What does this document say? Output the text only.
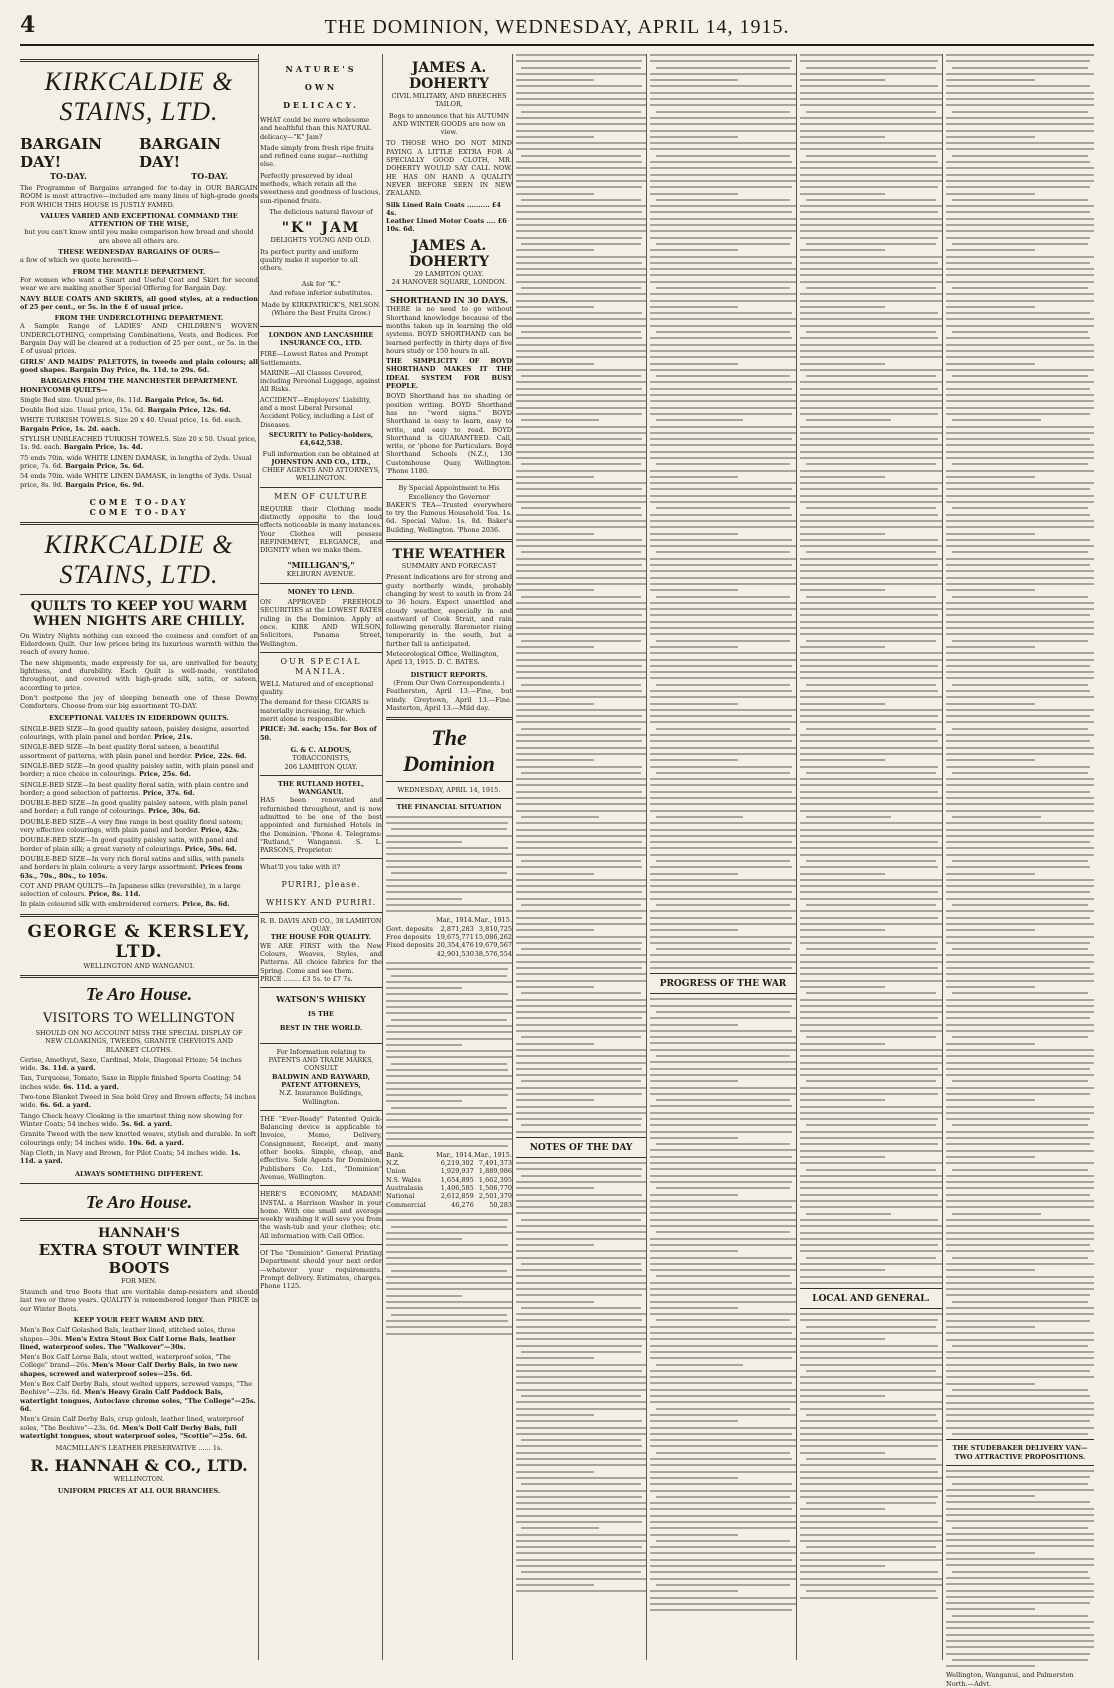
4	THE DOMINION, WEDNESDAY, APRIL 14, 1915.
KIRKCALDIE & STAINS, LTD.
BARGAIN DAY!
BARGAIN DAY!
TO-DAY.	TO-DAY.

The Programme of Bargains arranged for to-day in OUR BARGAIN ROOM is most attractive—included are many lines of high-grade goods FOR WHICH THIS HOUSE IS JUSTLY FAMED.

VALUES VARIED AND EXCEPTIONAL COMMAND THE ATTENTION OF THE WISE,

but you can't know until you make comparison how broad and should are above all others are.

THESE WEDNESDAY BARGAINS OF OURS—

a few of which we quote herewith—

FROM THE MANTLE DEPARTMENT.

For women who want a Smart and Useful Coat and Skirt for second wear we are making another Special Offering for Bargain Day.

NAVY BLUE COATS AND SKIRTS, all good styles, at a reduction of 25 per cent., or 5s. in the £ of usual price.

FROM THE UNDERCLOTHING DEPARTMENT.

A Sample Range of LADIES' AND CHILDREN'S WOVEN UNDERCLOTHING, comprising Combinations, Vests, and Bodices. For Bargain Day will be cleared at a reduction of 25 per cent., or 5s. in the £ of usual prices.

GIRLS' AND MAIDS' PALETOTS, in tweeds and plain colours; all good shapes. Bargain Day Price, 8s. 11d. to 29s. 6d.

BARGAINS FROM THE MANCHESTER DEPARTMENT.

HONEYCOMB QUILTS—

Single Bed size. Usual price, 6s. 11d. Bargain Price, 5s. 6d.
Double Bed size. Usual price, 15s. 6d. Bargain Price, 12s. 6d.
WHITE TURKISH TOWELS. Size 20 x 40. Usual price, 1s. 6d. each. Bargain Price, 1s. 2d. each.
STYLISH UNBLEACHED TURKISH TOWELS. Size 20 x 50. Usual price, 1s. 9d. each. Bargain Price, 1s. 4d.
75 ends 70in. wide WHITE LINEN DAMASK, in lengths of 2yds. Usual price, 7s. 6d. Bargain Price, 5s. 6d.
54 ends 70in. wide WHITE LINEN DAMASK, in lengths of 3yds. Usual price, 8s. 9d. Bargain Price, 6s. 9d.

COME TO-DAY

COME TO-DAY

KIRKCALDIE & STAINS, LTD.

QUILTS TO KEEP YOU WARM

WHEN NIGHTS ARE CHILLY.

On Wintry Nights nothing can exceed the cosiness and comfort of an Eiderdown Quilt. Our low prices bring its luxurious warmth within the reach of every home.

The new shipments, made expressly for us, are unrivalled for beauty, lightness, and durability. Each Quilt is well-made, ventilated throughout, and covered with high-grade silk, satin, or sateen, according to price.

Don't postpone the joy of sleeping beneath one of these Downy Comforters. Choose from our big assortment TO-DAY.

EXCEPTIONAL VALUES IN EIDERDOWN QUILTS.

SINGLE-BED SIZE—In good quality sateen, paisley designs, assorted colourings, with plain panel and border. Price, 21s.
SINGLE-BED SIZE—In best quality floral sateen, a beautiful assortment of patterns, with plain panel and border. Price, 22s. 6d.
SINGLE-BED SIZE—In good quality paisley satin, with plain panel and border; a nice choice in colourings. Price, 25s. 6d.
SINGLE-BED SIZE—In best quality floral satin, with plain centre and border; a good selection of patterns. Price, 37s. 6d.
DOUBLE-BED SIZE—In good quality paisley sateen, with plain panel and border; a full range of colourings. Price, 30s. 6d.
DOUBLE-BED SIZE—A very fine range in best quality floral sateen; very effective colourings, with plain panel and border. Price, 42s.
DOUBLE-BED SIZE—In good quality paisley satin, with panel and border of plain silk; a great variety of colourings. Price, 50s. 6d.
DOUBLE-BED SIZE—In very rich floral satins and silks, with panels and borders in plain colours; a very large assortment. Prices from 63s., 70s., 80s., to 105s.
COT AND PRAM QUILTS—In Japanese silks (reversible), in a large selection of colours. Price, 8s. 11d.
In plain coloured silk with embroidered corners. Price, 8s. 6d.

GEORGE & KERSLEY, LTD.

WELLINGTON AND WANGANUI.

Te Aro House.

VISITORS TO WELLINGTON

SHOULD ON NO ACCOUNT MISS THE SPECIAL DISPLAY OF NEW CLOAKINGS, TWEEDS, GRANITE CHEVIOTS AND BLANKET CLOTHS.

Cerise, Amethyst, Saxe, Cardinal, Mole, Diagonal Frieze; 54 inches wide. 3s. 11d. a yard.
Tan, Turquoise, Tomato, Saxe in Ripple finished Sports Coating; 54 inches wide. 6s. 11d. a yard.
Two-tone Blanket Tweed in Sea bold Grey and Brown effects; 54 inches wide. 6s. 6d. a yard.
Tango Check heavy Cloaking is the smartest thing now showing for Winter Coats; 54 inches wide. 5s. 6d. a yard.
Granite Tweed with the new knotted weave, stylish and durable. In soft colourings only; 54 inches wide. 10s. 6d. a yard.
Nap Cloth, in Navy and Brown, for Pilot Coats; 54 inches wide. 1s. 11d. a yard.

ALWAYS SOMETHING DIFFERENT.

Te Aro House.

HANNAH'S

EXTRA STOUT WINTER BOOTS

FOR MEN.

Staunch and true Boots that are veritable damp-resisters and should last two or three years. QUALITY is remembered longer than PRICE in our Winter Boots.

KEEP YOUR FEET WARM AND DRY.

Men's Box Calf Golashed Bals, leather lined, stitched soles, three shapes—30s. Men's Extra Stout Box Calf Lorne Bals, leather lined, waterproof soles. The "Walkover"—30s.
Men's Box Calf Lorne Bals, stout welted, waterproof soles, "The College" brand—26s. Men's Moor Calf Derby Bals, in two new shapes, screwed and waterproof soles—25s. 6d.
Men's Box Calf Derby Bals, stout welted uppers, screwed vamps, "The Beehive"—23s. 6d. Men's Heavy Grain Calf Paddock Bals, watertight tongues, Autoclave chrome soles, "The College"—25s. 6d.
Men's Grain Calf Derby Bals, crup golosh, leather lined, waterproof soles, "The Beehive"—23s. 6d. Men's Doll Calf Derby Bals, full watertight tongues, stout waterproof soles, "Scottie"—25s. 6d.

MACMILLAN'S LEATHER PRESERVATIVE ...... 1s.

R. HANNAH & CO., LTD.

WELLINGTON.

UNIFORM PRICES AT ALL OUR BRANCHES.

NATURE'S

OWN

DELICACY.

WHAT could be more wholesome and healthful than this NATURAL delicacy—"K" Jam?

Made simply from fresh ripe fruits and refined cane sugar—nothing else.

Perfectly preserved by ideal methods, which retain all the sweetness and goodness of luscious, sun-ripened fruits.

The delicious natural flavour of

"K" JAM

DELIGHTS YOUNG AND OLD.

Its perfect purity and uniform quality make it superior to all others.

Ask for "K."

And refuse inferior substitutes.

Made by KIRKPATRICK'S, NELSON. (Where the Best Fruits Grow.)

LONDON AND LANCASHIRE INSURANCE CO., LTD.

FIRE—Lowest Rates and Prompt Settlements.

MARINE—All Classes Covered, including Personal Luggage, against All Risks.

ACCIDENT—Employers' Liability, and a most Liberal Personal Accident Policy, including a List of Diseases.

SECURITY to Policy-holders, £4,642,538.

Full information can be obtained at

JOHNSTON AND CO., LTD.,

CHIEF AGENTS AND ATTORNEYS,

WELLINGTON.

MEN OF CULTURE

REQUIRE their Clothing made distinctly opposite to the loud effects noticeable in many instances. Your Clothes will possess REFINEMENT, ELEGANCE, and DIGNITY when we make them.

"MILLIGAN'S,"

KELBURN AVENUE.

MONEY TO LEND.

ON APPROVED FREEHOLD SECURITIES at the LOWEST RATES ruling in the Dominion. Apply at once. KIRK AND WILSON, Solicitors, Panama Street, Wellington.

OUR SPECIAL

MANILA.

WELL Matured and of exceptional quality.

The demand for these CIGARS is materially increasing, for which merit alone is responsible.

PRICE: 3d. each; 15s. for Box of 50.

G. & C. ALDOUS,

TOBACCONISTS,

206 LAMBTON QUAY.

THE RUTLAND HOTEL, WANGANUI.

HAS been renovated and refurnished throughout, and is now admitted to be one of the best appointed and furnished Hotels in the Dominion. 'Phone 4. Telegrams: "Rutland," Wanganui. S. L. PARSONS, Proprietor.

What'll you take with it?

PURIRI, please.

WHISKY AND PURIRI.

R. B. DAVIS AND CO., 38 LAMBTON QUAY.

THE HOUSE FOR QUALITY.

WE ARE FIRST with the New Colours, Weaves, Styles, and Patterns. All choice fabrics for the Spring. Come and see them.

PRICE ........ £3 5s. to £7 7s.

WATSON'S WHISKY

IS THE

BEST IN THE WORLD.

For Information relating to PATENTS AND TRADE MARKS, CONSULT

BALDWIN AND RAYWARD, PATENT ATTORNEYS,

N.Z. Insurance Buildings, Wellington.

THE "Ever-Ready" Patented Quick-Balancing device is applicable to Invoice, Memo, Delivery, Consignment, Receipt, and many other books. Simple, cheap, and effective. Sole Agents for Dominion, Publishers Co. Ltd., "Dominion" Avenue, Wellington.

HERE'S ECONOMY, MADAM! INSTAL a Harrison Washer in your home. With one small and average weekly washing it will save you from the wash-tub and your clothes; etc. All information with Call Office.

Of The "Dominion" General Printing Department should your next order—whatever your requirements. Prompt delivery. Estimates, charges. Phone 1125.

JAMES A. DOHERTY

CIVIL MILITARY, AND BREECHES TAILOR,

Begs to announce that his AUTUMN AND WINTER GOODS are now on view.

TO THOSE WHO DO NOT MIND PAYING A LITTLE EXTRA FOR A SPECIALLY GOOD CLOTH, MR. DOHERTY WOULD SAY CALL NOW. HE HAS ON HAND A QUALITY NEVER BEFORE SEEN IN NEW ZEALAND.

Silk Lined Rain Coats .......... £4 4s.

Leather Lined Motor Coats .... £6 10s. 6d.

JAMES A. DOHERTY

29 LAMBTON QUAY.

24 HANOVER SQUARE, LONDON.

SHORTHAND IN 30 DAYS.

THERE is no need to go without Shorthand knowledge because of the months taken up in learning the old systems. BOYD SHORTHAND can be learned perfectly in thirty days of five hours study or 150 hours in all.

THE SIMPLICITY OF BOYD SHORTHAND MAKES IT THE IDEAL SYSTEM FOR BUSY PEOPLE.

BOYD Shorthand has no shading or position writing. BOYD Shorthand has no "word signs." BOYD Shorthand is easy to learn, easy to write, and easy to read. BOYD Shorthand is GUARANTEED. Call, write, or 'phone for Particulars. Boyd Shorthand Schools (N.Z.), 130 Customhouse Quay, Wellington. 'Phone 1180.

By Special Appointment to His Excellency the Governor

BAKER'S TEA—Trusted everywhere to try the Famous Household Tea. 1s. 6d. Special Value. 1s. 8d. Baker's Building, Wellington. 'Phone 2036.

THE WEATHER

SUMMARY AND FORECAST

Present indications are for strong and gusty northerly winds, probably changing by west to south in from 24 to 36 hours. Expect unsettled and cloudy weather, especially in and eastward of Cook Strait, and rain following generally. Barometer rising temporarily in the south, but a further fall is anticipated.

Meteorological Office, Wellington, April 13, 1915. D. C. BATES.

DISTRICT REPORTS.

(From Our Own Correspondents.)

Featherston, April 13.—Fine, but windy. Greytown, April 13.—Fine. Masterton, April 13.—Mild day.

The Dominion

WEDNESDAY, APRIL 14, 1915.

THE FINANCIAL SITUATION

Mar., 1914. Mar., 1915.
Govt. deposits	2,871,283 3,810,725
Free deposits 19,675,771 15,086,262
Fixed deposits 20,354,476 19,679,567
42,901,530 38,576,554
Bank.	Mar., 1914. Mar., 1915.
N.Z.	6,219,302 7,491,373
Union	1,929,937 1,889,986
N.S. Wales	1,654,895 1,662,395
Australasia	1,406,585 1,506,770
National	2,612,859 2,501,379
Commercial	46,276	50,283

NOTES OF THE DAY

PROGRESS OF THE WAR

LOCAL AND GENERAL.

THE STUDEBAKER DELIVERY VAN—TWO ATTRACTIVE PROPOSITIONS.

Wellington, Wanganui, and Palmerston North.—Advt.
